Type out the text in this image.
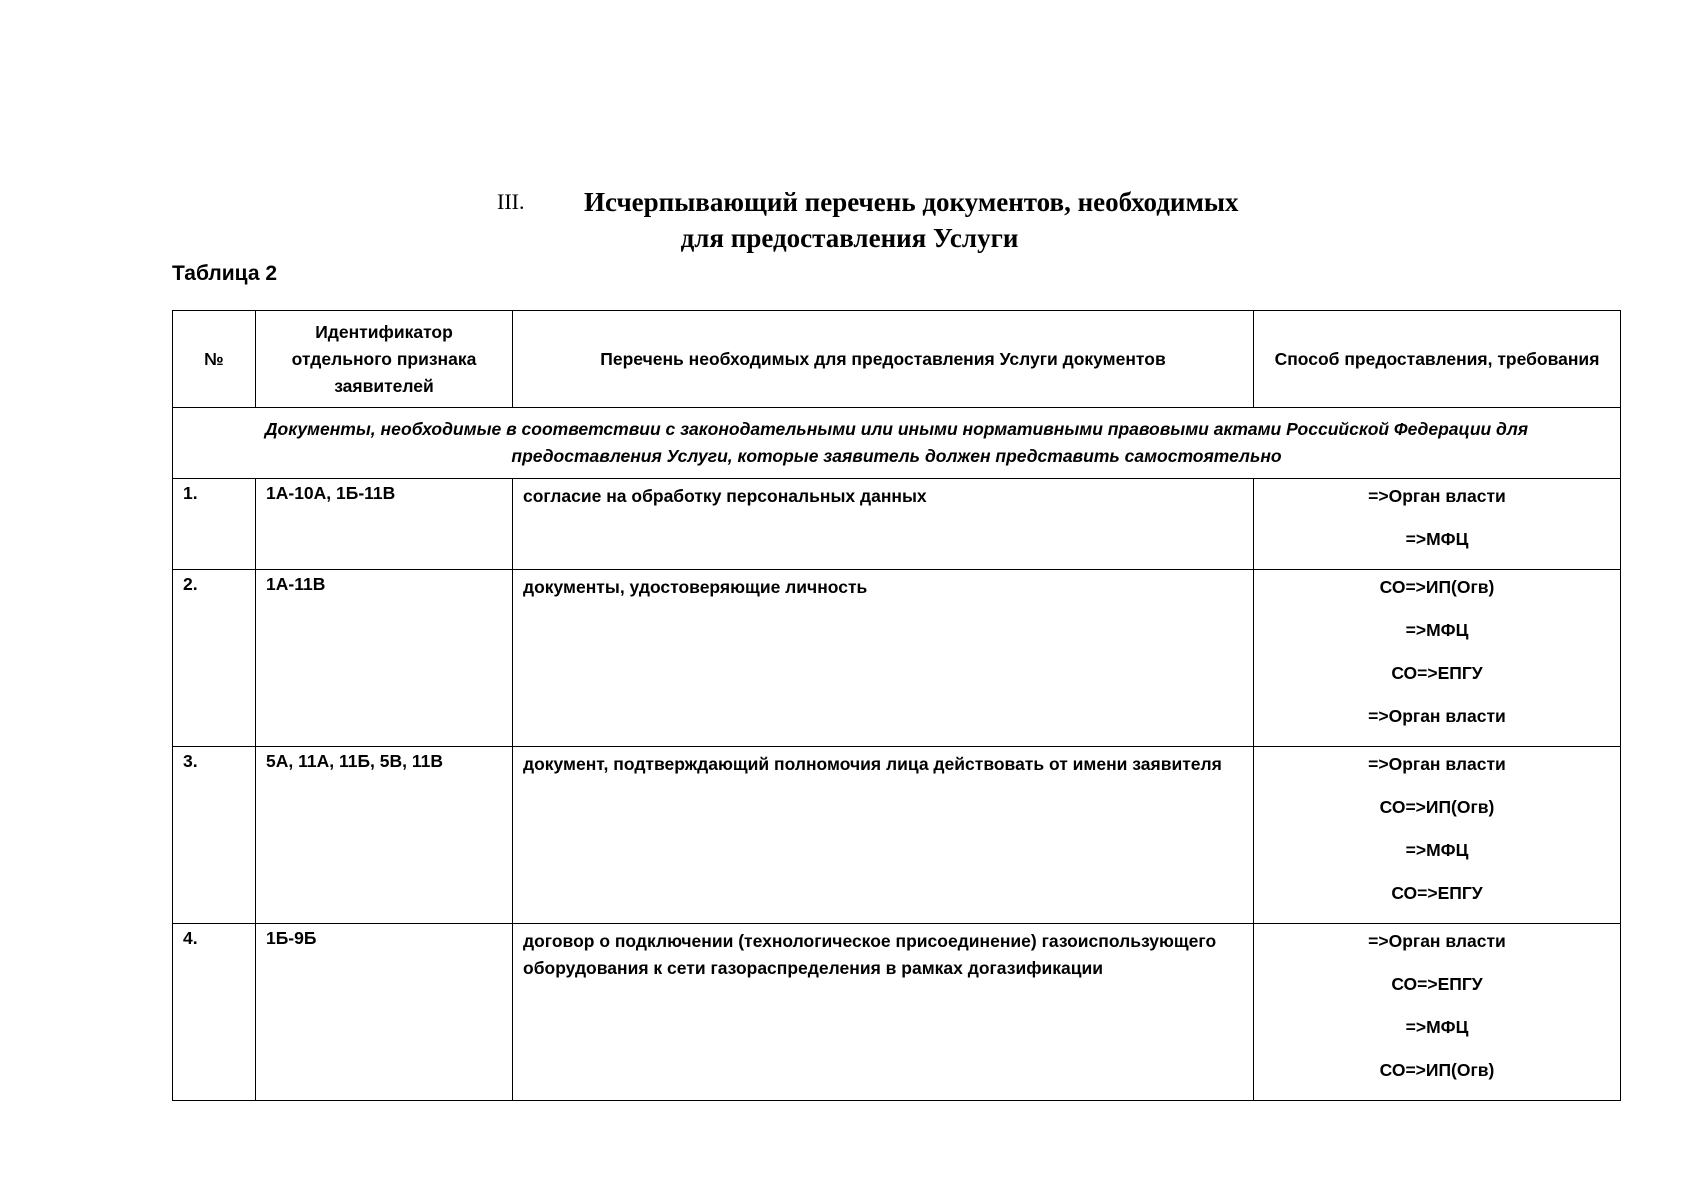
III. Исчерпывающий перечень документов, необходимых
для предоставления Услуги
Таблица 2
№	Идентификатор отдельного признака заявителей	Перечень необходимых для предоставления Услуги документов	Способ предоставления, требования
Документы, необходимые в соответствии с законодательными или иными нормативными правовыми актами Российской Федерации для предоставления Услуги, которые заявитель должен представить самостоятельно			
1.	1А-10А, 1Б-11В	согласие на обработку персональных данных	=>Орган власти
=>МФЦ

2.	1А-11В	документы, удостоверяющие личность	СО=>ИП(Огв)
=>МФЦ
СО=>ЕПГУ
=>Орган власти

3.	5А, 11А, 11Б, 5В, 11В	документ, подтверждающий полномочия лица действовать от имени заявителя	=>Орган власти
СО=>ИП(Огв)
=>МФЦ
СО=>ЕПГУ

4.	1Б-9Б	договор о подключении (технологическое присоединение) газоиспользующего оборудования к сети газораспределения в рамках догазификации	=>Орган власти
СО=>ЕПГУ
=>МФЦ
СО=>ИП(Огв)
